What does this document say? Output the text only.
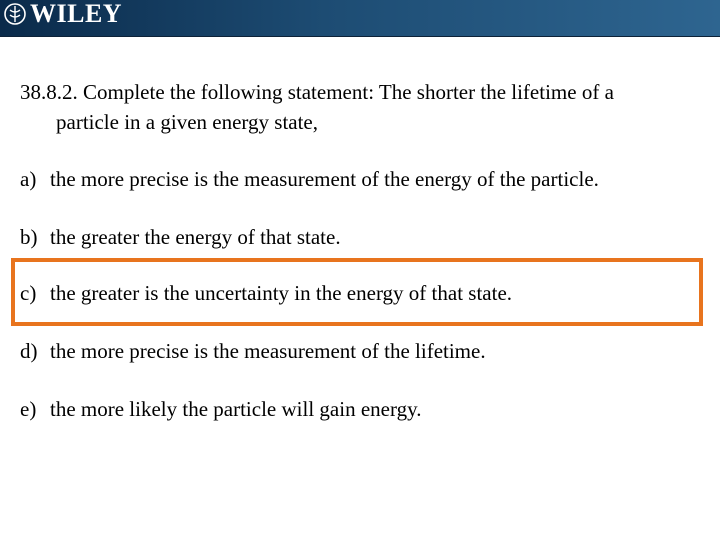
WILEY
38.8.2. Complete the following statement: The shorter the lifetime of a
particle in a given energy state,
a) the more precise is the measurement of the energy of the particle.
b) the greater the energy of that state.
c) the greater is the uncertainty in the energy of that state.
d) the more precise is the measurement of the lifetime.
e) the more likely the particle will gain energy.
